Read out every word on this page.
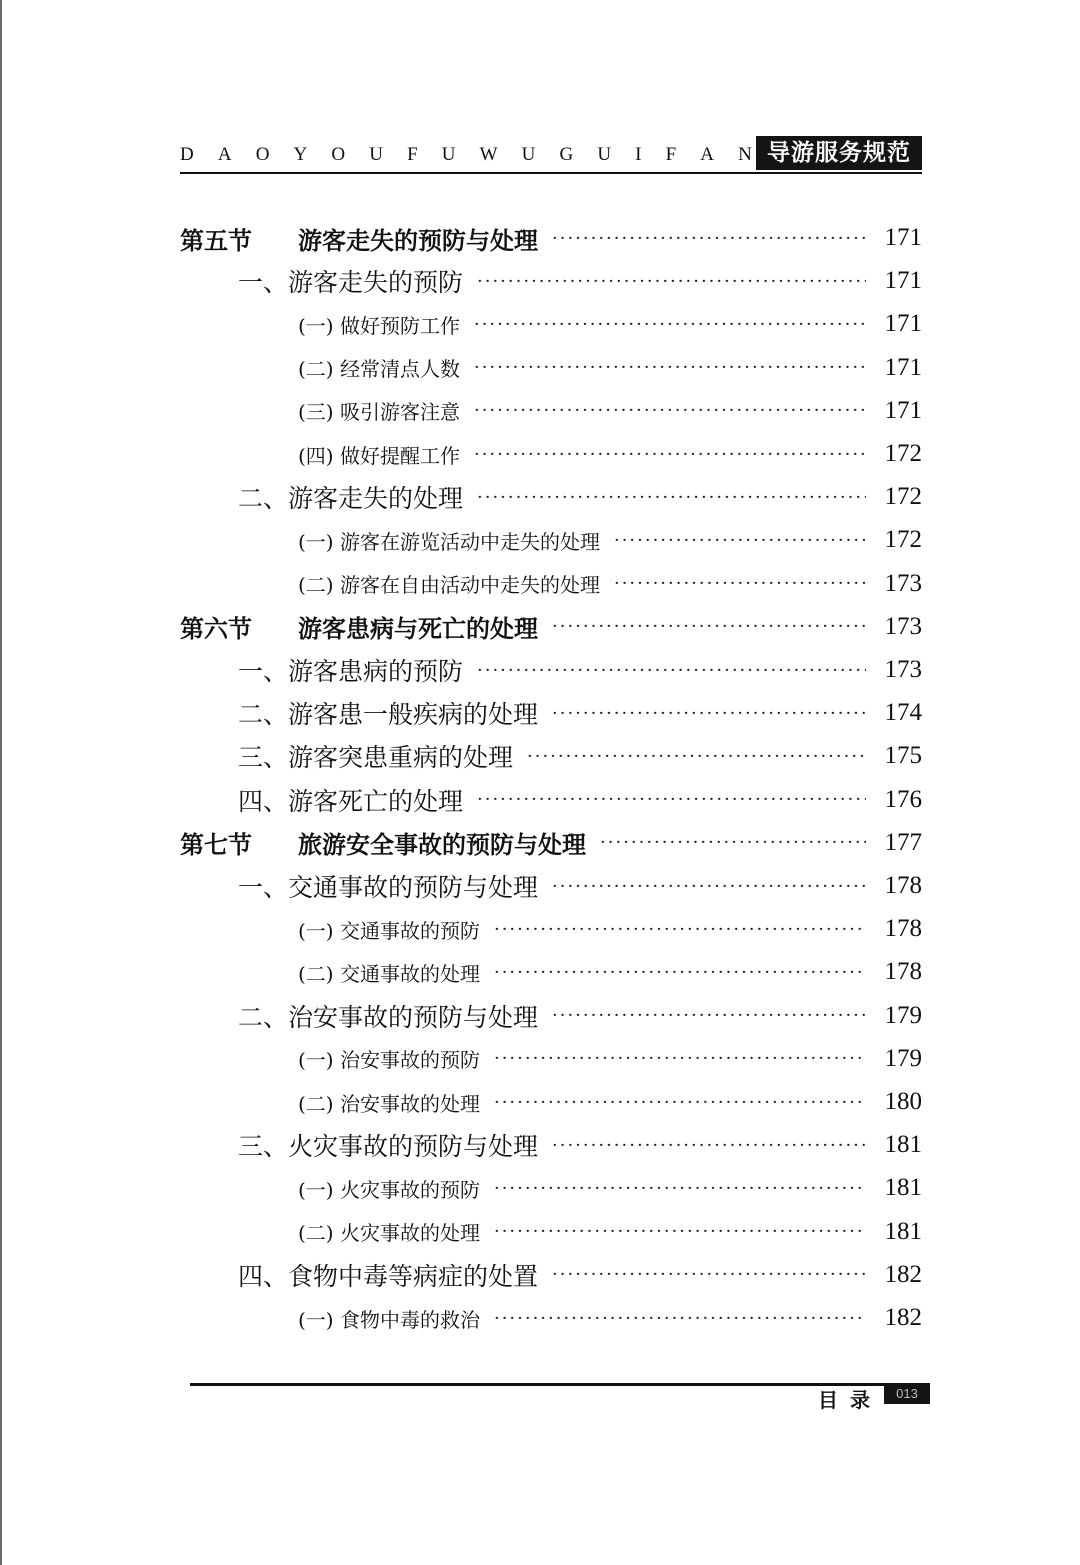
D A O Y O U F U W U G U I F A N 导游服务规范
第五节 游客走失的预防与处理 ·····	171
一、游客走失的预防 ·····	171
(一) 做好预防工作 ·····	171
(二) 经常清点人数 ·····	171
(三) 吸引游客注意 ·····	171
(四) 做好提醒工作 ·····	172
二、游客走失的处理 ·····	172
(一) 游客在游览活动中走失的处理 ·····	172
(二) 游客在自由活动中走失的处理 ·····	173
第六节 游客患病与死亡的处理 ·····	173
一、游客患病的预防 ·····	173
二、游客患一般疾病的处理 ·····	174
三、游客突患重病的处理 ·····	175
四、游客死亡的处理 ·····	176
第七节 旅游安全事故的预防与处理 ·····	177
一、交通事故的预防与处理 ·····	178
(一) 交通事故的预防 ·····	178
(二) 交通事故的处理 ·····	178
二、治安事故的预防与处理 ·····	179
(一) 治安事故的预防 ·····	179
(二) 治安事故的处理 ·····	180
三、火灾事故的预防与处理 ·····	181
(一) 火灾事故的预防 ·····	181
(二) 火灾事故的处理 ·····	181
四、食物中毒等病症的处置 ·····	182
(一) 食物中毒的救治 ·····	182
目录	013
